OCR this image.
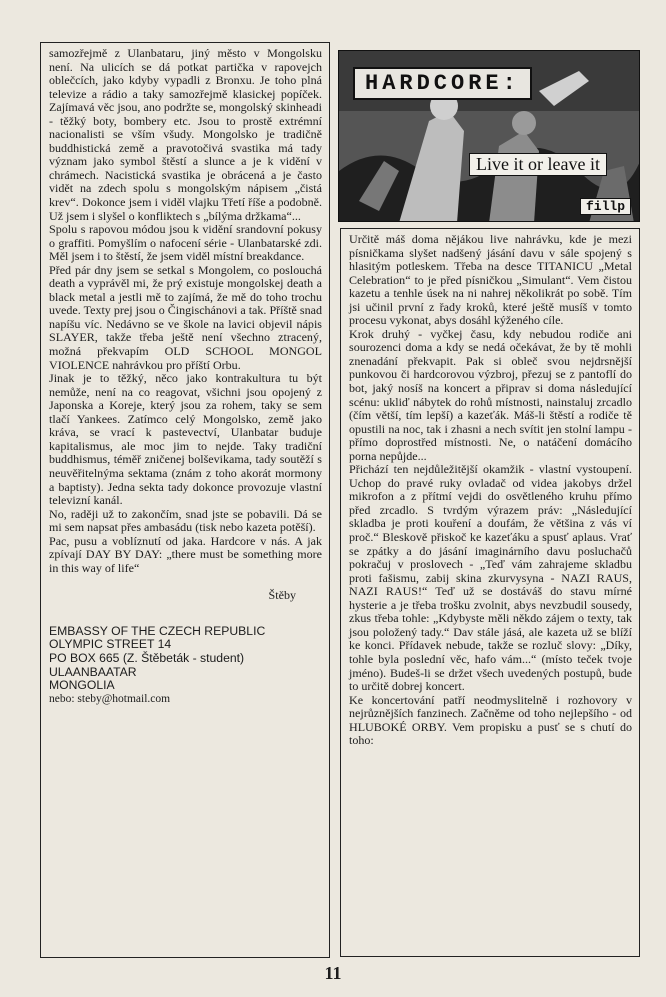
samozřejmě z Ulanbataru, jiný město v Mongolsku není. Na ulicích se dá potkat partička v rapovejch oblečcích, jako kdyby vypadli z Bronxu. Je toho plná televize a rádio a taky samozřejmě klasickej popíček. Zajímavá věc jsou, ano podržte se, mongolský skinheadi - těžký boty, bombery etc. Jsou to prostě extrémní nacionalisti se vším všudy. Mongolsko je tradičně buddhistická země a pravotočivá svastika má tady význam jako symbol štěstí a slunce a je k vidění v chrámech. Nacistická svastika je obrácená a je často vidět na zdech spolu s mongolským nápisem „čistá krev“. Dokonce jsem i viděl vlajku Třetí říše a podobně. Už jsem i slyšel o konfliktech s „bílýma držkama“...

Spolu s rapovou módou jsou k vidění srandovní pokusy o graffiti. Pomyšlím o nafocení série - Ulanbatarské zdi. Měl jsem i to štěstí, že jsem viděl místní breakdance.

Před pár dny jsem se setkal s Mongolem, co poslouchá death a vyprávěl mi, že prý existuje mongolskej death a black metal a jestli mě to zajímá, že mě do toho trochu uvede. Texty prej jsou o Čingischánovi a tak. Příště snad napíšu víc. Nedávno se ve škole na lavici objevil nápis SLAYER, takže třeba ještě není všechno ztracený, možná překvapím OLD SCHOOL MONGOL VIOLENCE nahrávkou pro příští Orbu.

Jinak je to těžký, něco jako kontrakultura tu být nemůže, není na co reagovat, všichni jsou opojený z Japonska a Koreje, který jsou za rohem, taky se sem tlačí Yankees. Zatímco celý Mongolsko, země jako kráva, se vrací k pastevectví, Ulanbatar buduje kapitalismus, ale moc jim to nejde. Taky tradiční buddhismus, téměř zničenej bolševikama, tady soutěží s neuvěřitelnýma sektama (znám z toho akorát mormony a baptisty). Jedna sekta tady dokonce provozuje vlastní televizní kanál.

No, raději už to zakončím, snad jste se pobavili. Dá se mi sem napsat přes ambasádu (tisk nebo kazeta potěší).

Pac, pusu a voblíznutí od jaka. Hardcore v nás. A jak zpívají DAY BY DAY: „there must be something more in this way of life“

Štěby

EMBASSY OF THE CZECH REPUBLIC
OLYMPIC STREET 14
PO BOX 665 (Z. Štěbeták - student)
ULAANBAATAR
MONGOLIA
nebo: steby@hotmail.com
HARDCORE:
Live it or leave it
fillp

Určitě máš doma nějákou live nahrávku, kde je mezi písničkama slyšet nadšený jásání davu v sále spojený s hlasitým potleskem. Třeba na desce TITANICU „Metal Celebration“ to je před písničkou „Simulant“. Vem čistou kazetu a tenhle úsek na ni nahrej několikrát po sobě. Tím jsi učinil první z řady kroků, které ještě musíš v tomto procesu vykonat, abys dosáhl kýženého cíle.

Krok druhý - vyčkej času, kdy nebudou rodiče ani sourozenci doma a kdy se nedá očekávat, že by tě mohli znenadání překvapit. Pak si obleč svou nejdrsnější punkovou či hardcorovou výzbroj, přezuj se z pantoflí do bot, jaký nosíš na koncert a připrav si doma následující scénu: ukliď nábytek do rohů místnosti, nainstaluj zrcadlo (čím větší, tím lepší) a kazeťák. Máš-li štěstí a rodiče tě opustili na noc, tak i zhasni a nech svítit jen stolní lampu - přímo doprostřed místnosti. Ne, o natáčení domácího porna nepůjde...

Přichází ten nejdůležitější okamžik - vlastní vystoupení. Uchop do pravé ruky ovladač od videa jakobys držel mikrofon a z přítmí vejdi do osvětleného kruhu přímo před zrcadlo. S tvrdým výrazem práv: „Následující skladba je proti kouření a doufám, že většina z vás ví proč.“ Bleskově přiskoč ke kazeťáku a spusť aplaus. Vrať se zpátky a do jásání imaginárního davu posluchačů pokračuj v proslovech - „Teď vám zahrajeme skladbu proti fašismu, zabij skina zkurvysyna - NAZI RAUS, NAZI RAUS!“ Teď už se dostáváš do stavu mírné hysterie a je třeba trošku zvolnit, abys nevzbudil sousedy, zkus třeba tohle: „Kdybyste měli někdo zájem o texty, tak jsou položený tady.“ Dav stále jásá, ale kazeta už se blíží ke konci. Přídavek nebude, takže se rozluč slovy: „Díky, tohle byla poslední věc, hafo vám...“ (místo teček tvoje jméno). Budeš-li se držet všech uvedených postupů, bude to určitě dobrej koncert.

Ke koncertování patří neodmyslitelně i rozhovory v nejrůznějších fanzinech. Začněme od toho nejlepšího - od HLUBOKÉ ORBY. Vem propisku a pusť se s chutí do toho:

11
